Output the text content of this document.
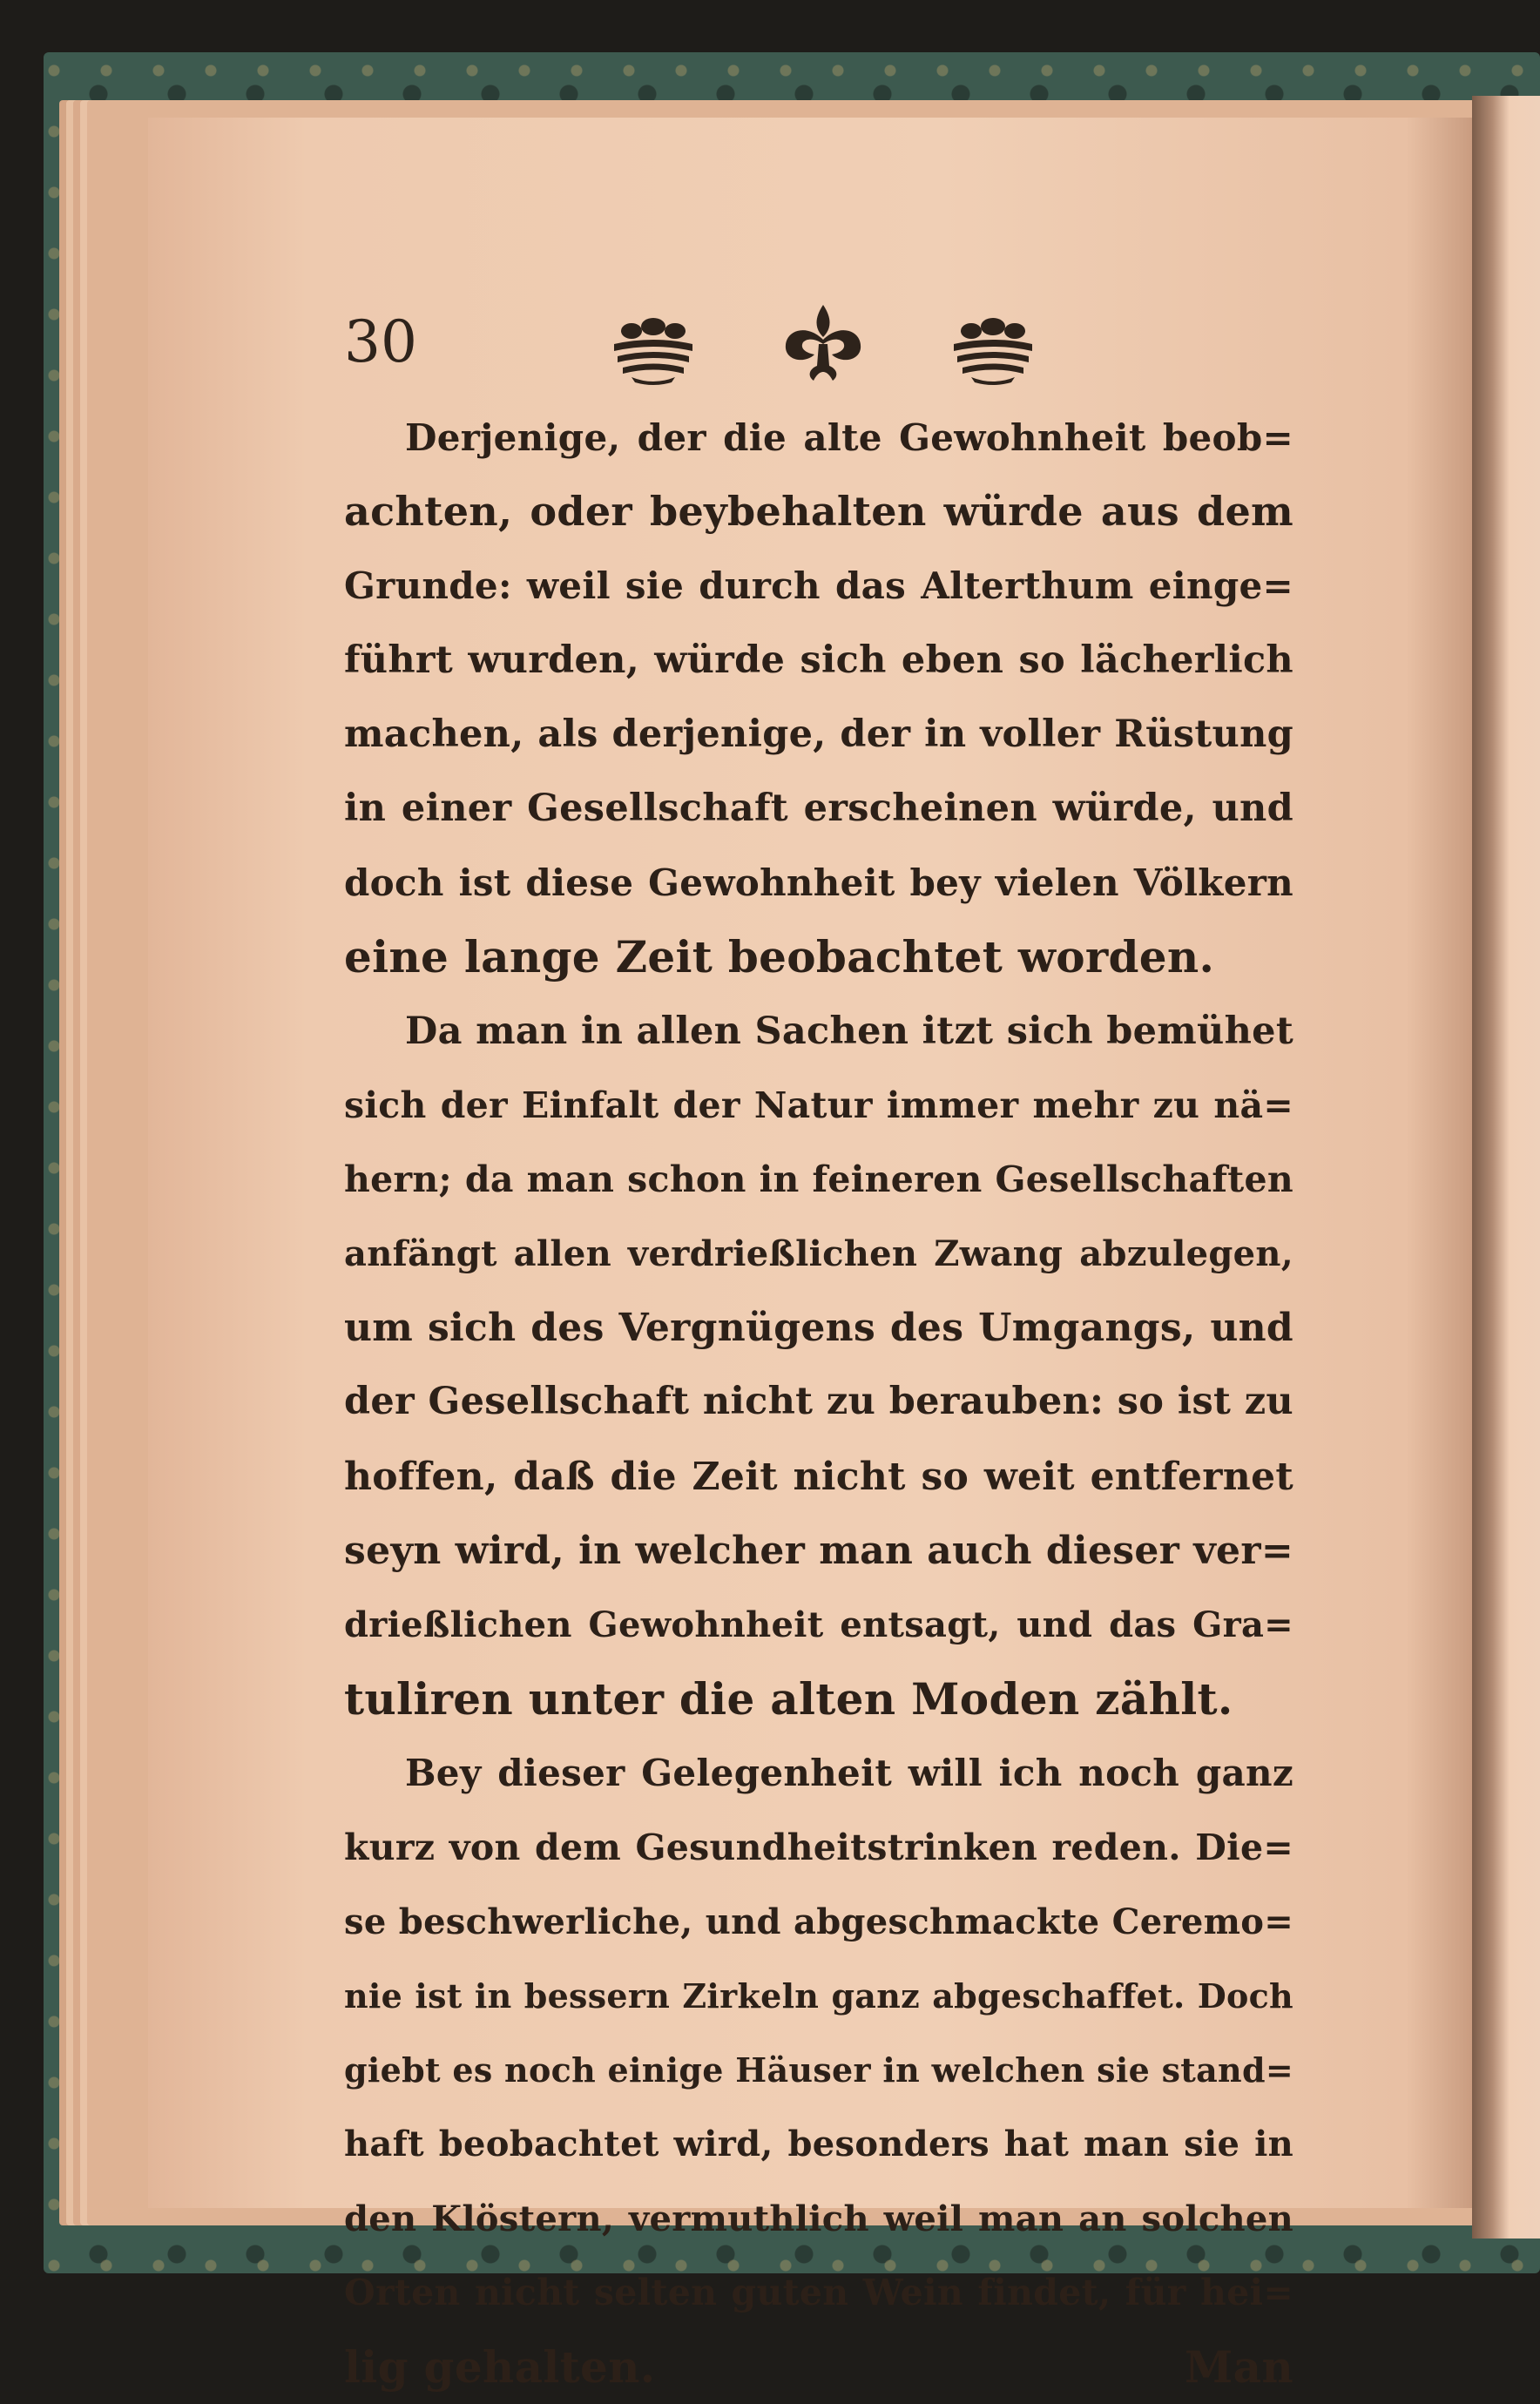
30
Derjenige, der die alte Gewohnheit beob=
achten, oder beybehalten würde aus dem
Grunde: weil sie durch das Alterthum einge=
führt wurden, würde sich eben so lächerlich
machen, als derjenige, der in voller Rüstung
in einer Gesellschaft erscheinen würde, und
doch ist diese Gewohnheit bey vielen Völkern
eine lange Zeit beobachtet worden.
Da man in allen Sachen itzt sich bemühet
sich der Einfalt der Natur immer mehr zu nä=
hern; da man schon in feineren Gesellschaften
anfängt allen verdrießlichen Zwang abzulegen,
um sich des Vergnügens des Umgangs, und
der Gesellschaft nicht zu berauben: so ist zu
hoffen, daß die Zeit nicht so weit entfernet
seyn wird, in welcher man auch dieser ver=
drießlichen Gewohnheit entsagt, und das Gra=
tuliren unter die alten Moden zählt.
Bey dieser Gelegenheit will ich noch ganz
kurz von dem Gesundheitstrinken reden. Die=
se beschwerliche, und abgeschmackte Ceremo=
nie ist in bessern Zirkeln ganz abgeschaffet. Doch
giebt es noch einige Häuser in welchen sie stand=
haft beobachtet wird, besonders hat man sie in
den Klöstern, vermuthlich weil man an solchen
Orten nicht selten guten Wein findet, für hei=
lig gehalten.	Man
